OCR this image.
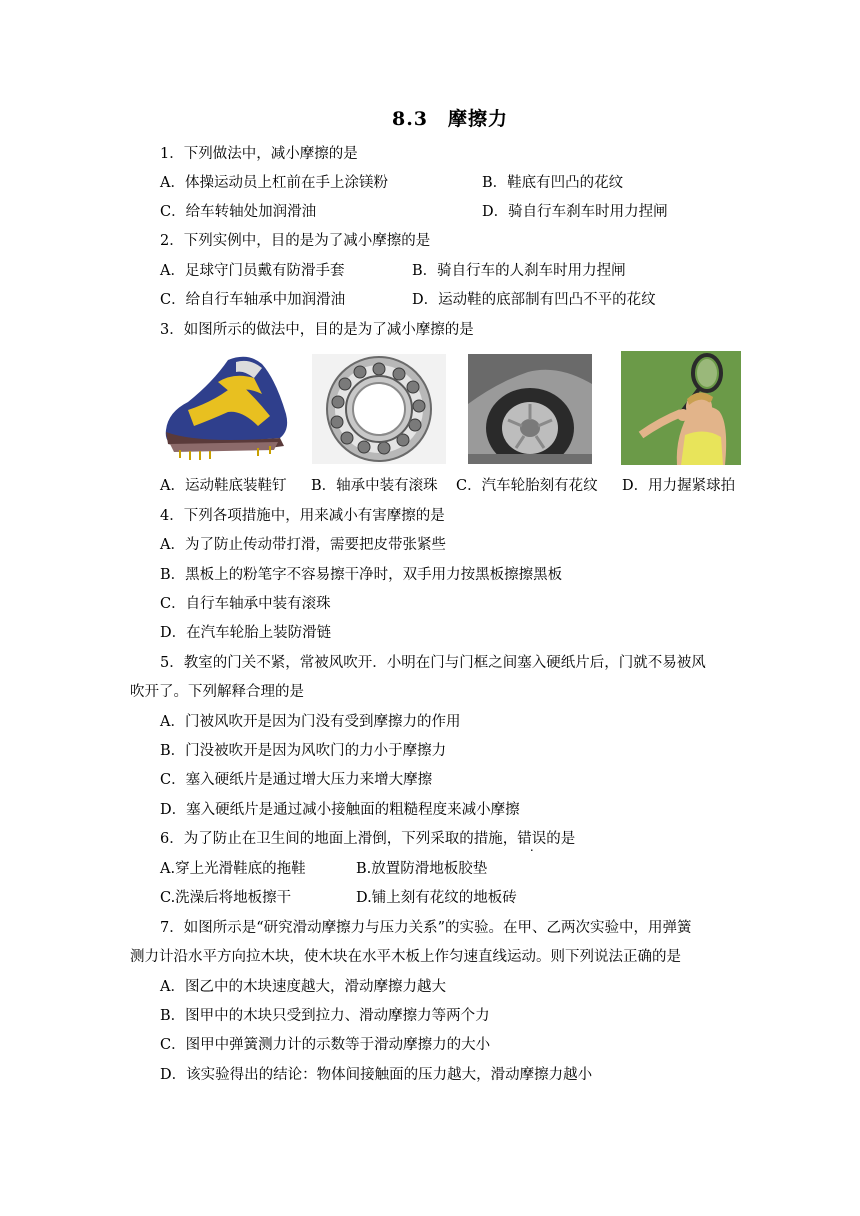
8.3　摩擦力
1．下列做法中，减小摩擦的是
A．体操运动员上杠前在手上涂镁粉	B．鞋底有凹凸的花纹
C．给车转轴处加润滑油	D．骑自行车刹车时用力捏闸
2．下列实例中，目的是为了减小摩擦的是
A．足球守门员戴有防滑手套	B．骑自行车的人刹车时用力捏闸
C．给自行车轴承中加润滑油	D．运动鞋的底部制有凹凸不平的花纹
3．如图所示的做法中，目的是为了减小摩擦的是
A．运动鞋底装鞋钉 B．轴承中装有滚珠 C．汽车轮胎刻有花纹 D．用力握紧球拍
4．下列各项措施中，用来减小有害摩擦的是
A．为了防止传动带打滑，需要把皮带张紧些
B．黑板上的粉笔字不容易擦干净时，双手用力按黑板擦擦黑板
C．自行车轴承中装有滚珠
D．在汽车轮胎上装防滑链
5．教室的门关不紧，常被风吹开．小明在门与门框之间塞入硬纸片后，门就不易被风
吹开了。下列解释合理的是
A．门被风吹开是因为门没有受到摩擦力的作用
B．门没被吹开是因为风吹门的力小于摩擦力
C．塞入硬纸片是通过增大压力来增大摩擦
D．塞入硬纸片是通过减小接触面的粗糙程度来减小摩擦
6．为了防止在卫生间的地面上滑倒，下列采取的措施，错误的是
A.穿上光滑鞋底的拖鞋	B.放置防滑地板胶垫
C.洗澡后将地板擦干	D.铺上刻有花纹的地板砖
7．如图所示是“研究滑动摩擦力与压力关系”的实验。在甲、乙两次实验中，用弹簧
测力计沿水平方向拉木块，使木块在水平木板上作匀速直线运动。则下列说法正确的是
A．图乙中的木块速度越大，滑动摩擦力越大
B．图甲中的木块只受到拉力、滑动摩擦力等两个力
C．图甲中弹簧测力计的示数等于滑动摩擦力的大小
D．该实验得出的结论：物体间接触面的压力越大，滑动摩擦力越小
